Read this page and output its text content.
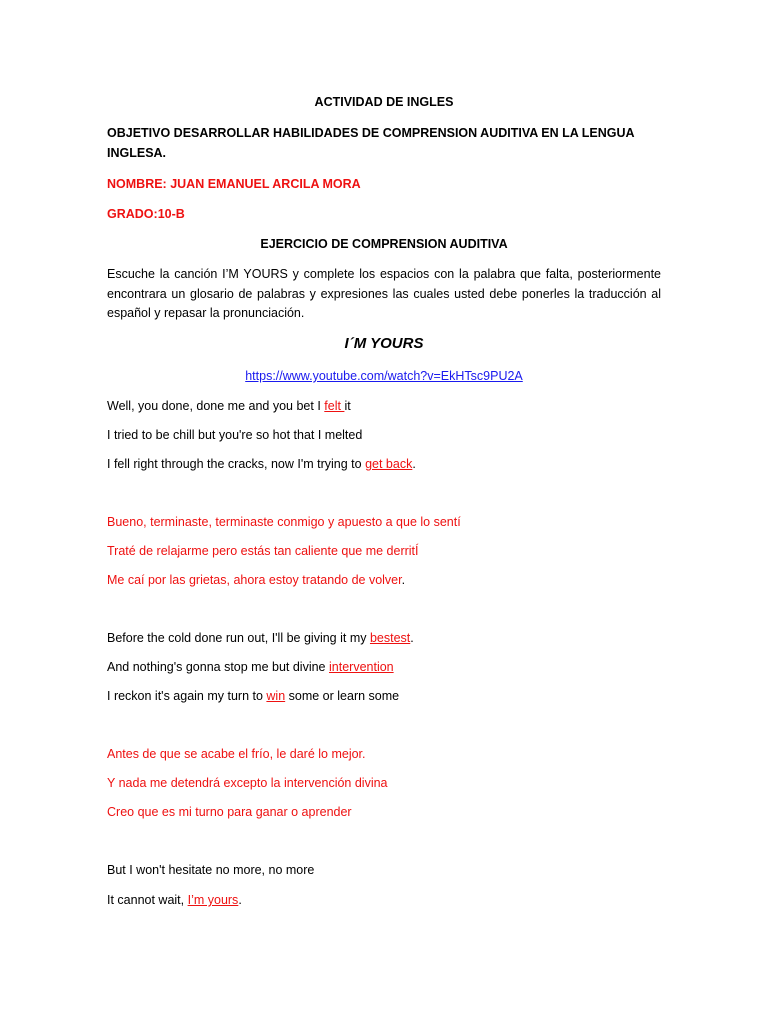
ACTIVIDAD DE INGLES
OBJETIVO DESARROLLAR HABILIDADES DE COMPRENSION AUDITIVA EN LA LENGUA
INGLESA.
NOMBRE: JUAN EMANUEL ARCILA MORA
GRADO:10-B
EJERCICIO DE COMPRENSION AUDITIVA
Escuche la canción I’M YOURS y complete los espacios con la palabra que falta, posteriormente encontrara un glosario de palabras y expresiones las cuales usted debe ponerles la traducción al español y repasar la pronunciación.
I´M YOURS
https://www.youtube.com/watch?v=EkHTsc9PU2A
Well, you done, done me and you bet I felt it
I tried to be chill but you're so hot that I melted
I fell right through the cracks, now I'm trying to get back.
Bueno, terminaste, terminaste conmigo y apuesto a que lo sentí
Traté de relajarme pero estás tan caliente que me derritÍ
Me caí por las grietas, ahora estoy tratando de volver.
Before the cold done run out, I'll be giving it my bestest.
And nothing's gonna stop me but divine intervention
I reckon it's again my turn to win some or learn some
Antes de que se acabe el frío, le daré lo mejor.
Y nada me detendrá excepto la intervención divina
Creo que es mi turno para ganar o aprender
But I won't hesitate no more, no more
It cannot wait, I’m yours.
